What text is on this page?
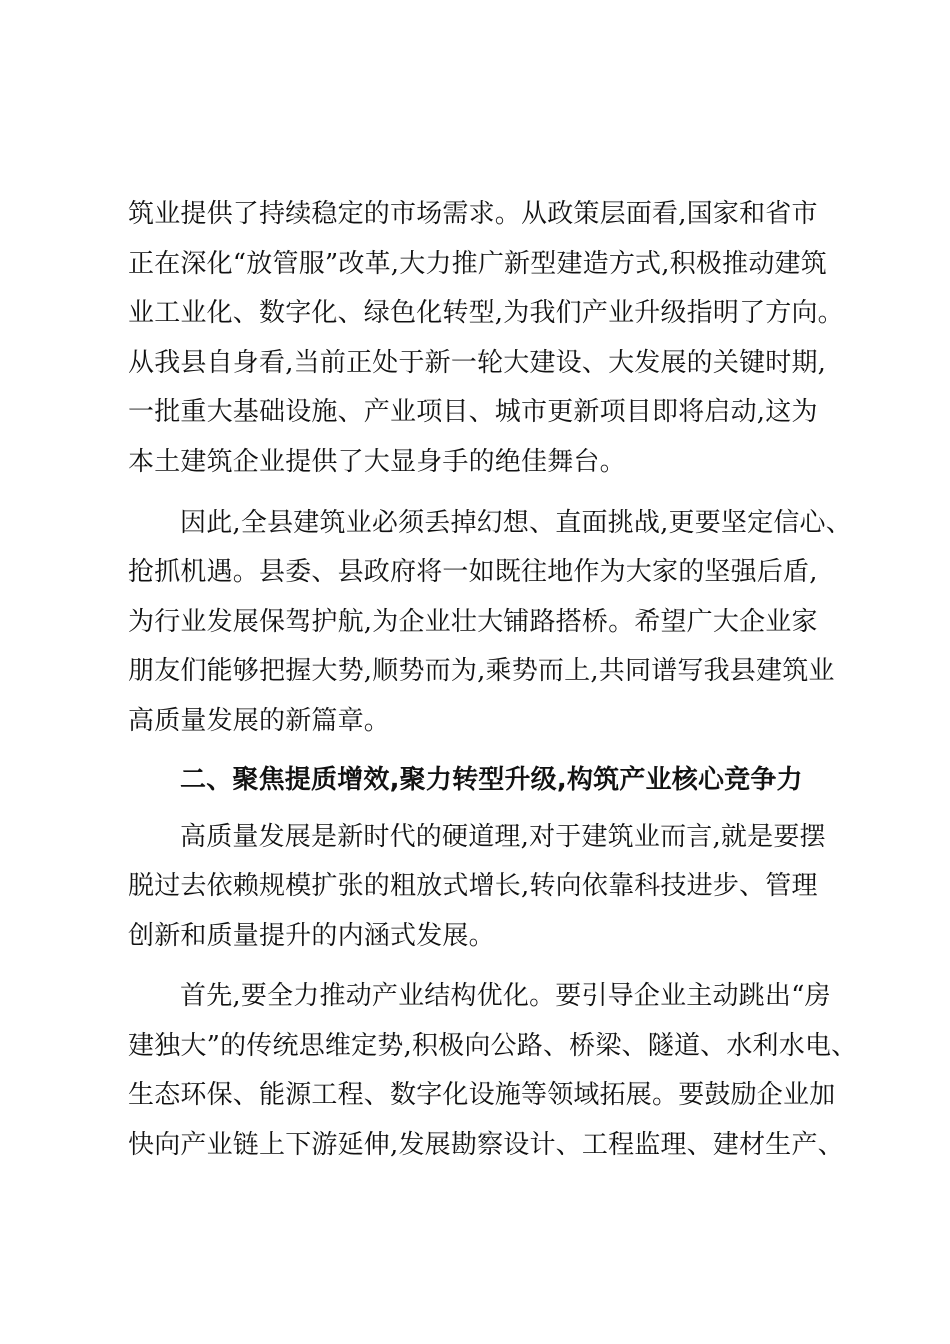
筑业提供了持续稳定的市场需求。从政策层面看,国家和省市
正在深化“放管服”改革,大力推广新型建造方式,积极推动建筑
业工业化、数字化、绿色化转型,为我们产业升级指明了方向。
从我县自身看,当前正处于新一轮大建设、大发展的关键时期,
一批重大基础设施、产业项目、城市更新项目即将启动,这为
本土建筑企业提供了大显身手的绝佳舞台。
因此,全县建筑业必须丢掉幻想、直面挑战,更要坚定信心、
抢抓机遇。县委、县政府将一如既往地作为大家的坚强后盾,
为行业发展保驾护航,为企业壮大铺路搭桥。希望广大企业家
朋友们能够把握大势,顺势而为,乘势而上,共同谱写我县建筑业
高质量发展的新篇章。
二、聚焦提质增效,聚力转型升级,构筑产业核心竞争力
高质量发展是新时代的硬道理,对于建筑业而言,就是要摆
脱过去依赖规模扩张的粗放式增长,转向依靠科技进步、管理
创新和质量提升的内涵式发展。
首先,要全力推动产业结构优化。要引导企业主动跳出“房
建独大”的传统思维定势,积极向公路、桥梁、隧道、水利水电、
生态环保、能源工程、数字化设施等领域拓展。要鼓励企业加
快向产业链上下游延伸,发展勘察设计、工程监理、建材生产、
